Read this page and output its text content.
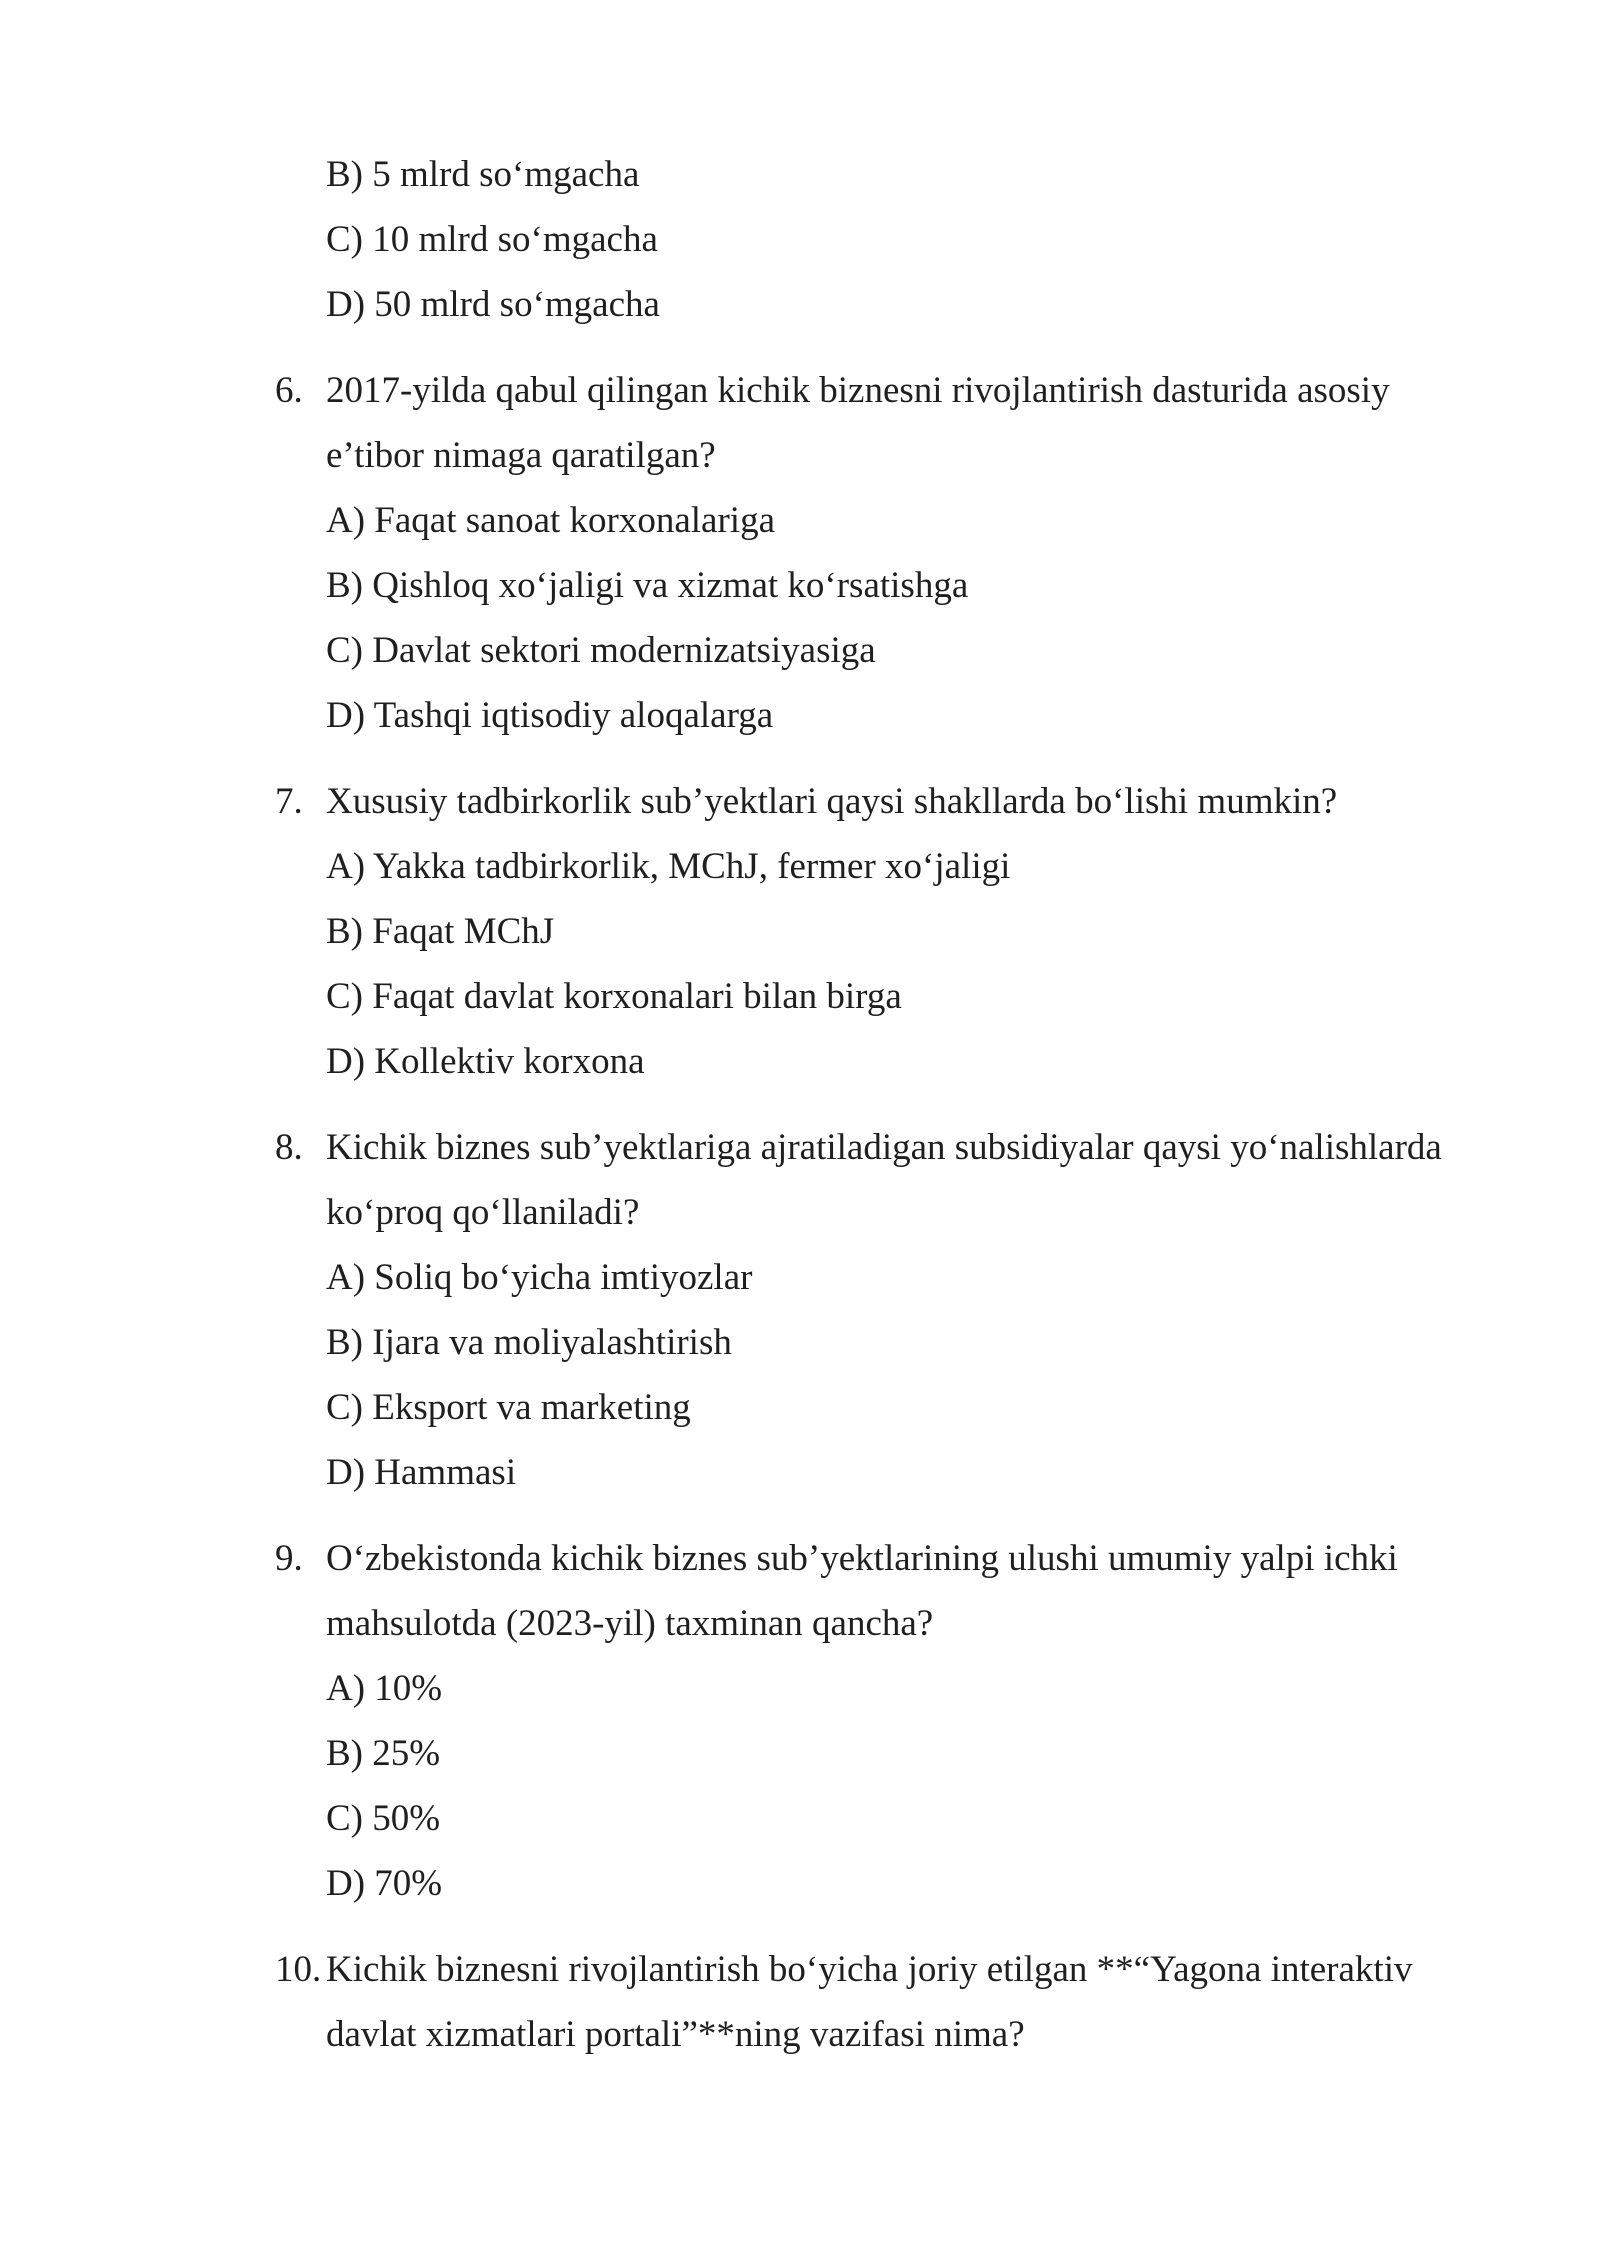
B) 5 mlrd so‘mgacha
C) 10 mlrd so‘mgacha
D) 50 mlrd so‘mgacha
6. 2017-yilda qabul qilingan kichik biznesni rivojlantirish dasturida asosiy e’tibor nimaga qaratilgan?
A) Faqat sanoat korxonalariga
B) Qishloq xo‘jaligi va xizmat ko‘rsatishga
C) Davlat sektori modernizatsiyasiga
D) Tashqi iqtisodiy aloqalarga
7. Xususiy tadbirkorlik sub’yektlari qaysi shakllarda bo‘lishi mumkin?
A) Yakka tadbirkorlik, MChJ, fermer xo‘jaligi
B) Faqat MChJ
C) Faqat davlat korxonalari bilan birga
D) Kollektiv korxona
8. Kichik biznes sub’yektlariga ajratiladigan subsidiyalar qaysi yo‘nalishlarda ko‘proq qo‘llaniladi?
A) Soliq bo‘yicha imtiyozlar
B) Ijara va moliyalashtirish
C) Eksport va marketing
D) Hammasi
9. O‘zbekistonda kichik biznes sub’yektlarining ulushi umumiy yalpi ichki mahsulotda (2023-yil) taxminan qancha?
A) 10%
B) 25%
C) 50%
D) 70%
10. Kichik biznesni rivojlantirish bo‘yicha joriy etilgan **“Yagona interaktiv davlat xizmatlari portali”**ning vazifasi nima?
